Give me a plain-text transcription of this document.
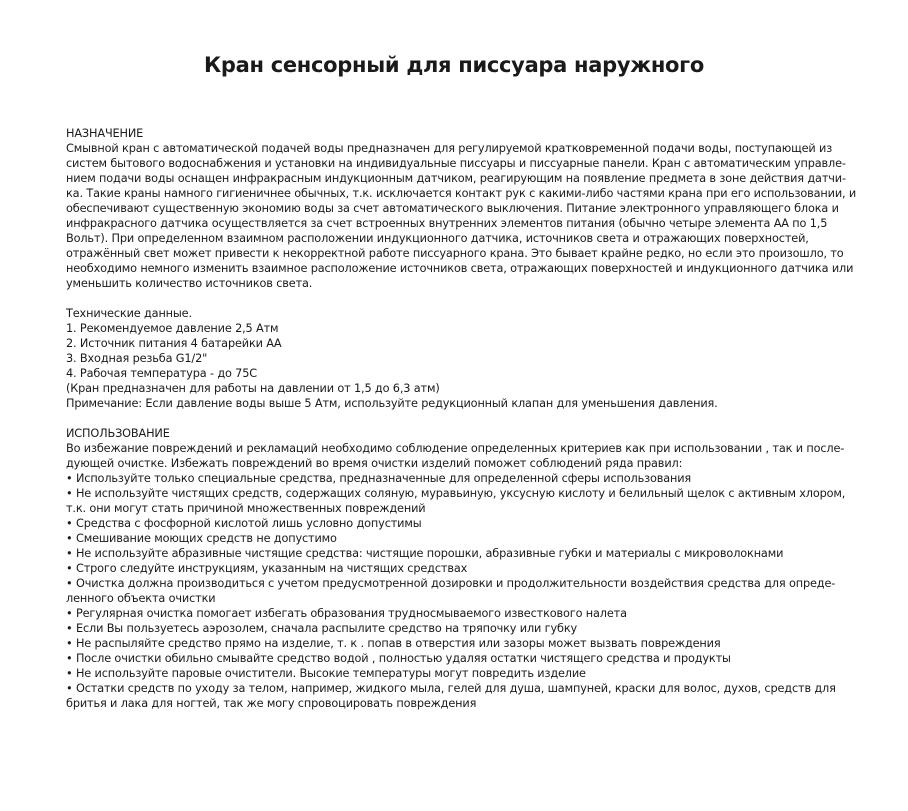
Кран сенсорный для писсуара наружного
НАЗНАЧЕНИЕ
Смывной кран с автоматической подачей воды предназначен для регулируемой кратковременной подачи воды, поступающей из
систем бытового водоснабжения и установки на индивидуальные писсуары и писсуарные панели. Кран с автоматическим управле-
нием подачи воды оснащен инфракрасным индукционным датчиком, реагирующим на появление предмета в зоне действия датчи-
ка. Такие краны намного гигиеничнее обычных, т.к. исключается контакт рук с какими-либо частями крана при его использовании, и
обеспечивают существенную экономию воды за счет автоматического выключения. Питание электронного управляющего блока и
инфракрасного датчика осуществляется за счет встроенных внутренних элементов питания (обычно четыре элемента АА по 1,5
Вольт). При определенном взаимном расположении индукционного датчика, источников света и отражающих поверхностей,
отражённый свет может привести к некорректной работе писсуарного крана. Это бывает крайне редко, но если это произошло, то
необходимо немного изменить взаимное расположение источников света, отражающих поверхностей и индукционного датчика или
уменьшить количество источников света.
Технические данные.
1. Рекомендуемое давление 2,5 Атм
2. Источник питания 4 батарейки АА
3. Входная резьба G1/2"
4. Рабочая температура - до 75С
(Кран предназначен для работы на давлении от 1,5 до 6,3 атм)
Примечание: Если давление воды выше 5 Атм, используйте редукционный клапан для уменьшения давления.
ИСПОЛЬЗОВАНИЕ
Во избежание повреждений и рекламаций необходимо соблюдение определенных критериев как при использовании , так и после-
дующей очистке. Избежать повреждений во время очистки изделий поможет соблюдений ряда правил:
• Используйте только специальные средства, предназначенные для определенной сферы использования
• Не используйте чистящих средств, содержащих соляную, муравьиную, уксусную кислоту и белильный щелок с активным хлором,
т.к. они могут стать причиной множественных повреждений
• Средства с фосфорной кислотой лишь условно допустимы
• Смешивание моющих средств не допустимо
• Не используйте абразивные чистящие средства: чистящие порошки, абразивные губки и материалы с микроволокнами
• Строго следуйте инструкциям, указанным на чистящих средствах
• Очистка должна производиться с учетом предусмотренной дозировки и продолжительности воздействия средства для опреде-
ленного объекта очистки
• Регулярная очистка помогает избегать образования трудносмываемого известкового налета
• Если Вы пользуетесь аэрозолем, сначала распылите средство на тряпочку или губку
• Не распыляйте средство прямо на изделие, т. к . попав в отверстия или зазоры может вызвать повреждения
• После очистки обильно смывайте средство водой , полностью удаляя остатки чистящего средства и продукты
• Не используйте паровые очистители. Высокие температуры могут повредить изделие
• Остатки средств по уходу за телом, например, жидкого мыла, гелей для душа, шампуней, краски для волос, духов, средств для
бритья и лака для ногтей, так же могу спровоцировать повреждения
